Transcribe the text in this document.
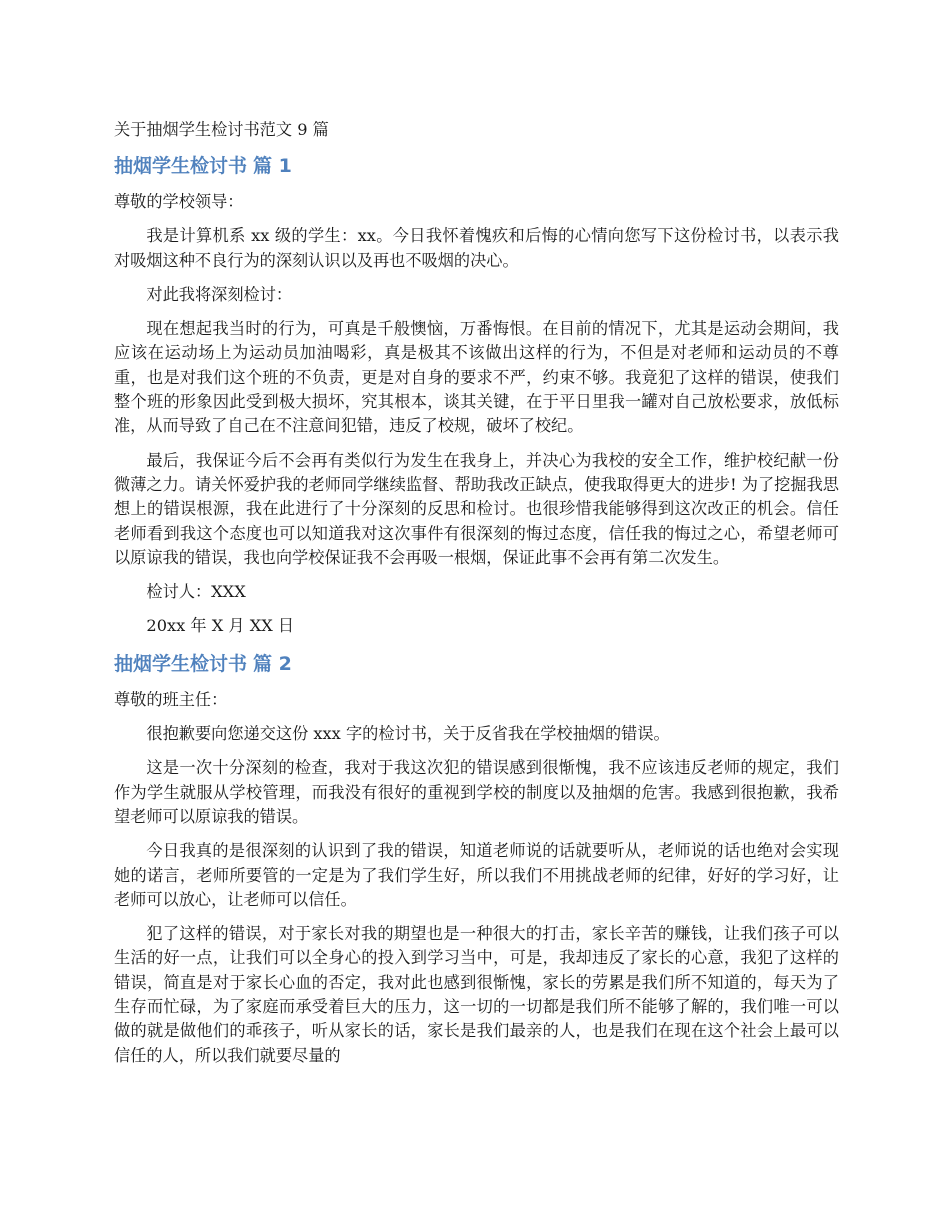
关于抽烟学生检讨书范文 9 篇
抽烟学生检讨书 篇 1

尊敬的学校领导：

我是计算机系 xx 级的学生：xx。今日我怀着愧疚和后悔的心情向您写下这份检讨书，以表示我对吸烟这种不良行为的深刻认识以及再也不吸烟的决心。

对此我将深刻检讨：

现在想起我当时的行为，可真是千般懊恼，万番悔恨。在目前的情况下，尤其是运动会期间，我应该在运动场上为运动员加油喝彩，真是极其不该做出这样的行为，不但是对老师和运动员的不尊重，也是对我们这个班的不负责，更是对自身的要求不严，约束不够。我竟犯了这样的错误，使我们整个班的形象因此受到极大损坏，究其根本，谈其关键，在于平日里我一罐对自己放松要求，放低标准，从而导致了自己在不注意间犯错，违反了校规，破坏了校纪。

最后，我保证今后不会再有类似行为发生在我身上，并决心为我校的安全工作，维护校纪献一份微薄之力。请关怀爱护我的老师同学继续监督、帮助我改正缺点，使我取得更大的进步! 为了挖掘我思想上的错误根源，我在此进行了十分深刻的反思和检讨。也很珍惜我能够得到这次改正的机会。信任老师看到我这个态度也可以知道我对这次事件有很深刻的悔过态度，信任我的悔过之心，希望老师可以原谅我的错误，我也向学校保证我不会再吸一根烟，保证此事不会再有第二次发生。

检讨人：XXX

20xx 年 X 月 XX 日

抽烟学生检讨书 篇 2

尊敬的班主任：

很抱歉要向您递交这份 xxx 字的检讨书，关于反省我在学校抽烟的错误。

这是一次十分深刻的检查，我对于我这次犯的错误感到很惭愧，我不应该违反老师的规定，我们作为学生就服从学校管理，而我没有很好的重视到学校的制度以及抽烟的危害。我感到很抱歉，我希望老师可以原谅我的错误。

今日我真的是很深刻的认识到了我的错误，知道老师说的话就要听从，老师说的话也绝对会实现她的诺言，老师所要管的一定是为了我们学生好，所以我们不用挑战老师的纪律，好好的学习好，让老师可以放心，让老师可以信任。

犯了这样的错误，对于家长对我的期望也是一种很大的打击，家长辛苦的赚钱，让我们孩子可以生活的好一点，让我们可以全身心的投入到学习当中，可是，我却违反了家长的心意，我犯了这样的错误，简直是对于家长心血的否定，我对此也感到很惭愧，家长的劳累是我们所不知道的，每天为了生存而忙碌，为了家庭而承受着巨大的压力，这一切的一切都是我们所不能够了解的，我们唯一可以做的就是做他们的乖孩子，听从家长的话，家长是我们最亲的人，也是我们在现在这个社会上最可以信任的人，所以我们就要尽量的
